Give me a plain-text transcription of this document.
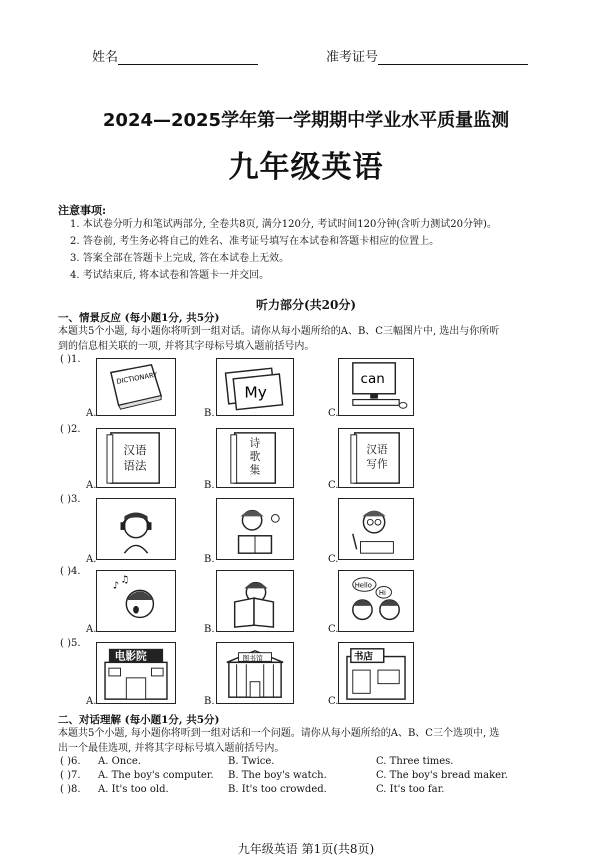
姓名	准考证号
2024—2025学年第一学期期中学业水平质量监测
九年级英语
注意事项:
1. 本试卷分听力和笔试两部分, 全卷共8页, 满分120分, 考试时间120分钟(含听力测试20分钟)。
2. 答卷前, 考生务必将自己的姓名、准考证号填写在本试卷和答题卡相应的位置上。
3. 答案全部在答题卡上完成, 答在本试卷上无效。
4. 考试结束后, 将本试卷和答题卡一并交回。
听力部分(共20分)
一、情景反应 (每小题1分, 共5分)
本题共5个小题, 每小题你将听到一组对话。请你从每小题所给的A、B、C三幅图片中, 选出与你所听
到的信息相关联的一项, 并将其字母标号填入题前括号内。
( )1.
A.
DICTIONARY
B.
My
C.
can
( )2.
A.
汉语语法
B.
诗歌集
C.
汉语写作
( )3.
A.	B.	C.
( )4.
A.
♪
♫
B.	C.
Hello
Hi
( )5.
A.
电影院
B.
图书馆
C.
书店
二、对话理解 (每小题1分, 共5分)
本题共5个小题, 每小题你将听到一组对话和一个问题。请你从每小题所给的A、B、C三个选项中, 选
出一个最佳选项, 并将其字母标号填入题前括号内。
( )6. A. Once.	B. Twice.	C. Three times.
( )7. A. The boy's computer. B. The boy's watch.	C. The boy's bread maker.
( )8. A. It's too old.	B. It's too crowded.	C. It's too far.
九年级英语 第1页(共8页)
